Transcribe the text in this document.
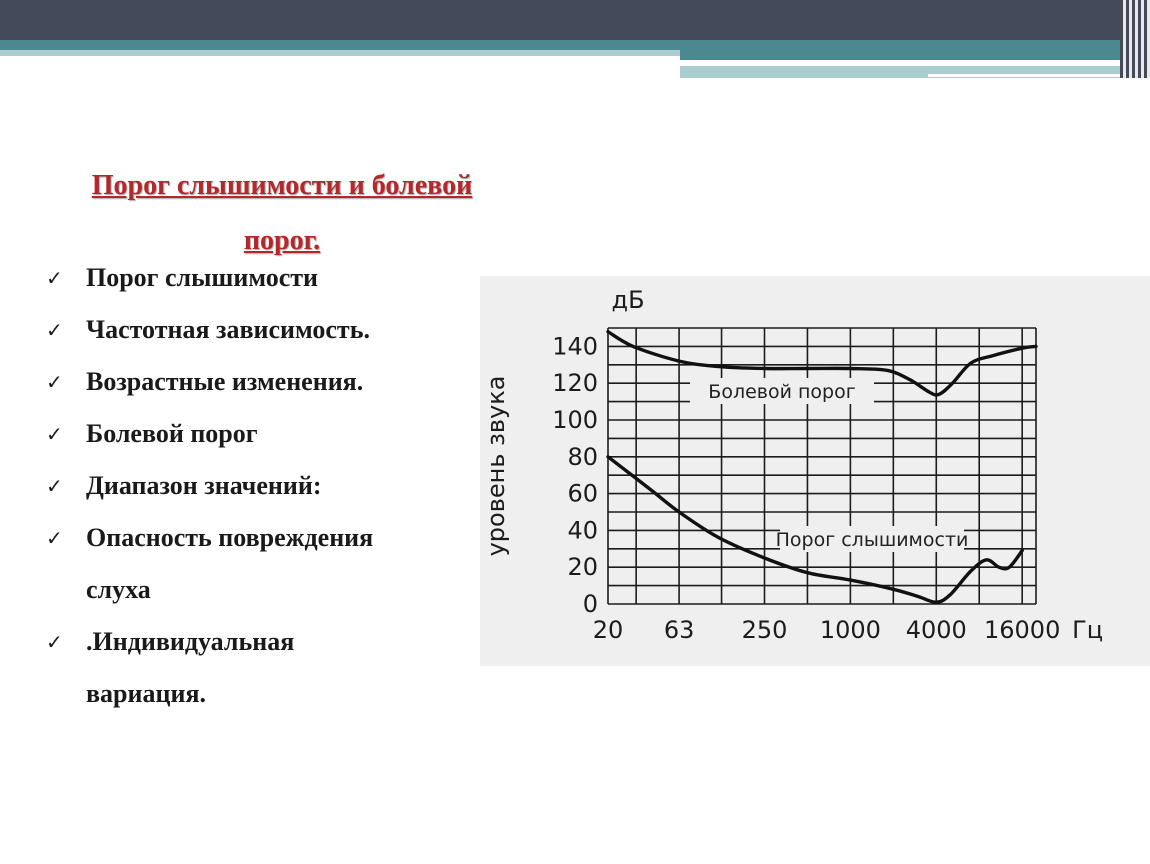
Порог слышимости и болевой
порог.
✓ Порог слышимости
✓ Частотная зависимость.
✓ Возрастные изменения.
✓ Болевой порог
✓ Диапазон значений:
✓ Опасность повреждения
слуха
✓ .Индивидуальная
вариация.
0
20
40
60
80
100
120
140
20 63 250 1000 4000 16000 Гц
дБ
уровень звука	Болевой порог
Порог слышимости
